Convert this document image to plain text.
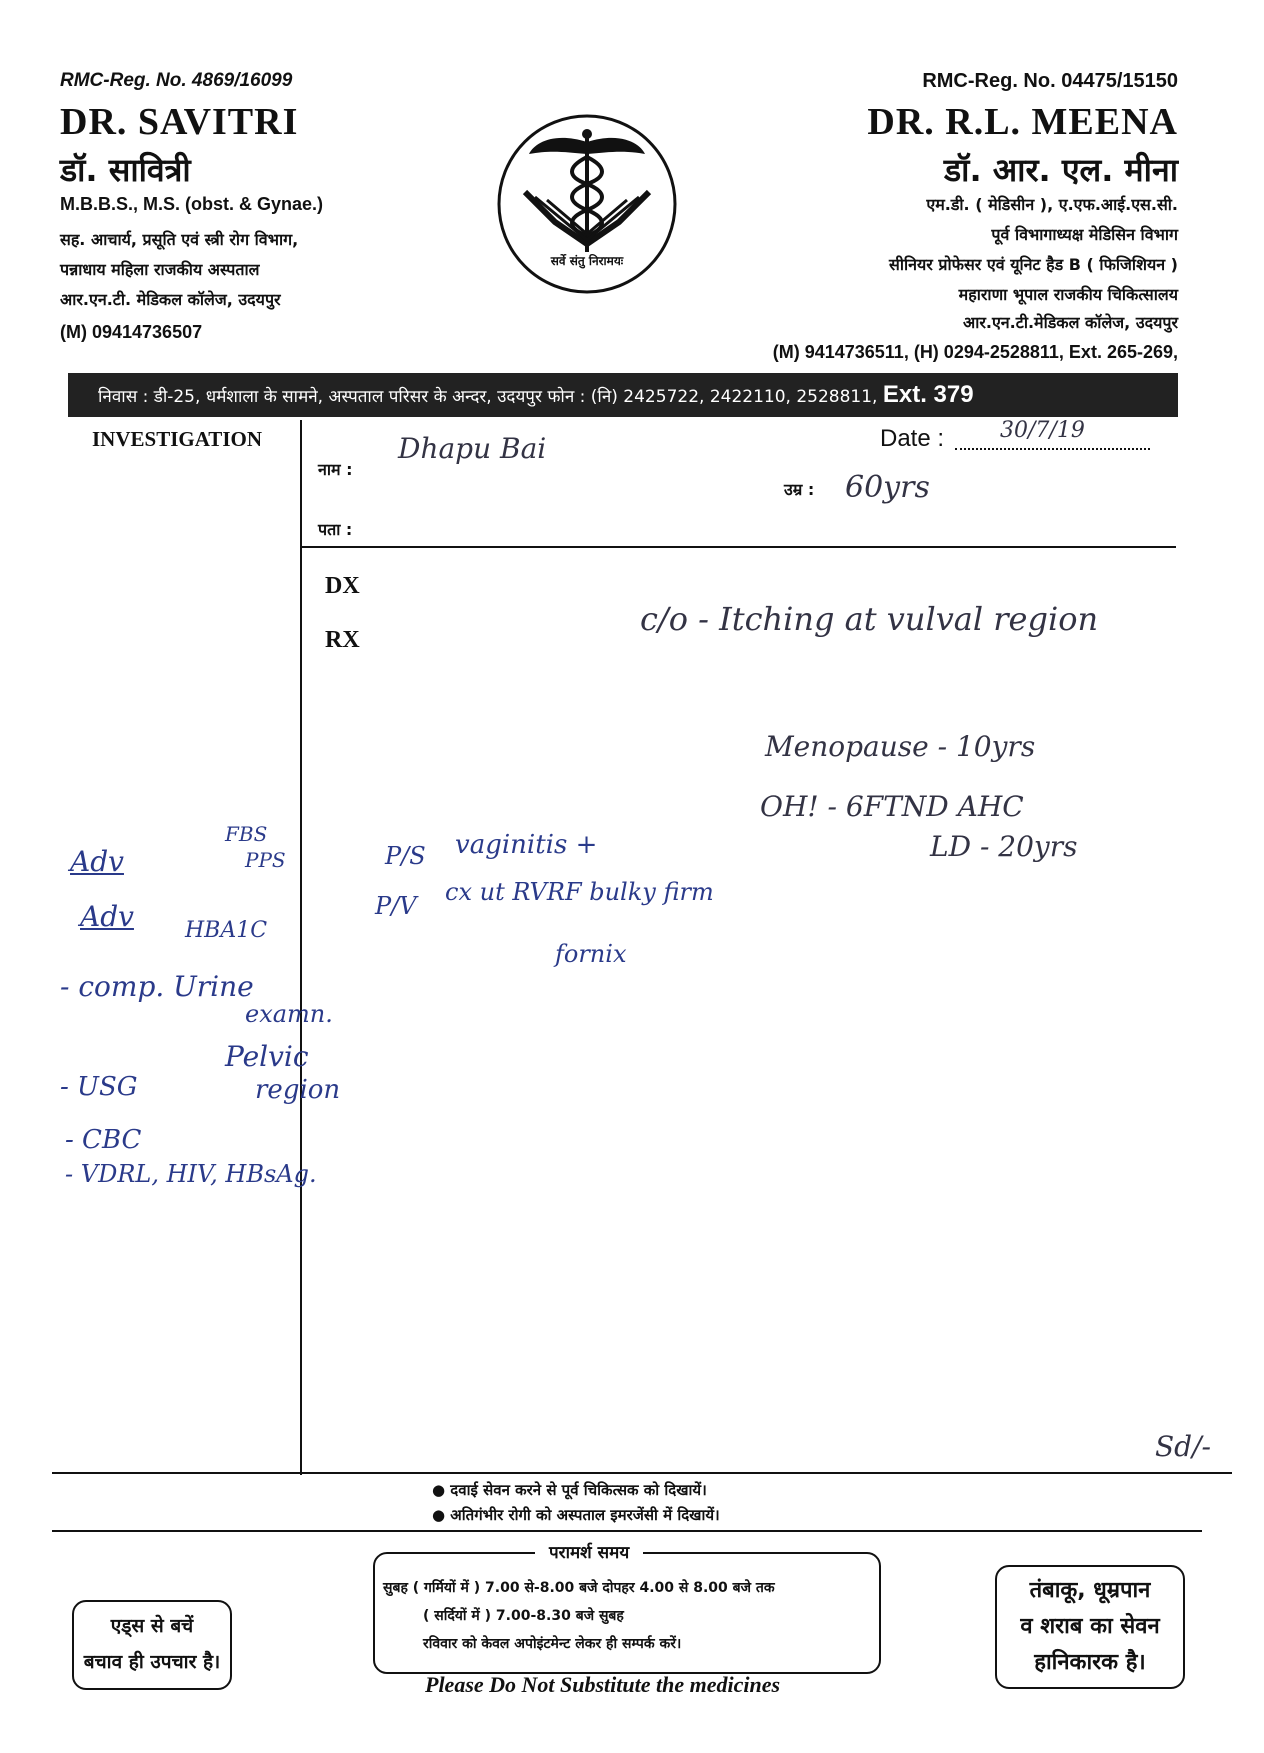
RMC-Reg. No. 4869/16099
DR. SAVITRI
डॉ. सावित्री
M.B.B.S., M.S. (obst. & Gynae.)
सह. आचार्य, प्रसूति एवं स्त्री रोग विभाग,
पन्नाधाय महिला राजकीय अस्पताल
आर.एन.टी. मेडिकल कॉलेज, उदयपुर
(M) 09414736507
सर्वे संतु निरामयः
RMC-Reg. No. 04475/15150
DR. R.L. MEENA
डॉ. आर. एल. मीना
एम.डी. ( मेडिसीन ), ए.एफ.आई.एस.सी.
पूर्व विभागाध्यक्ष मेडिसिन विभाग
सीनियर प्रोफेसर एवं यूनिट हैड B ( फिजिशियन )
महाराणा भूपाल राजकीय चिकित्सालय
आर.एन.टी.मेडिकल कॉलेज, उदयपुर
(M) 9414736511, (H) 0294-2528811, Ext. 265-269,
निवास : डी-25, धर्मशाला के सामने, अस्पताल परिसर के अन्दर, उदयपुर फोन : (नि) 2425722, 2422110, 2528811, Ext. 379
INVESTIGATION
नाम :
Dhapu Bai	Date :	30/7/19
उम्र : 60yrs
पता :
DX
RX
c/o - Itching at vulval region
Menopause - 10yrs
OH! - 6FTND AHC
LD - 20yrs
P/S
P/V
vaginitis +
cx ut RVRF bulky firm
fornix
Sd/-
Adv
Adv
FBS
PPS
HBA1C
- comp. Urine
examn.
- USG
Pelvic
region
- CBC
- VDRL, HIV, HBsAg.
● दवाई सेवन करने से पूर्व चिकित्सक को दिखायें।
● अतिगंभीर रोगी को अस्पताल इमरजेंसी में दिखायें।
परामर्श समय
सुबह ( गर्मियों में ) 7.00 से-8.00 बजे दोपहर 4.00 से 8.00 बजे तक
( सर्दियों में ) 7.00-8.30 बजे सुबह
रविवार को केवल अपोइंटमेन्ट लेकर ही सम्पर्क करें।
एड्स से बचें
बचाव ही उपचार है।
तंबाकू, धूम्रपान
व शराब का सेवन
हानिकारक है।
Please Do Not Substitute the medicines
